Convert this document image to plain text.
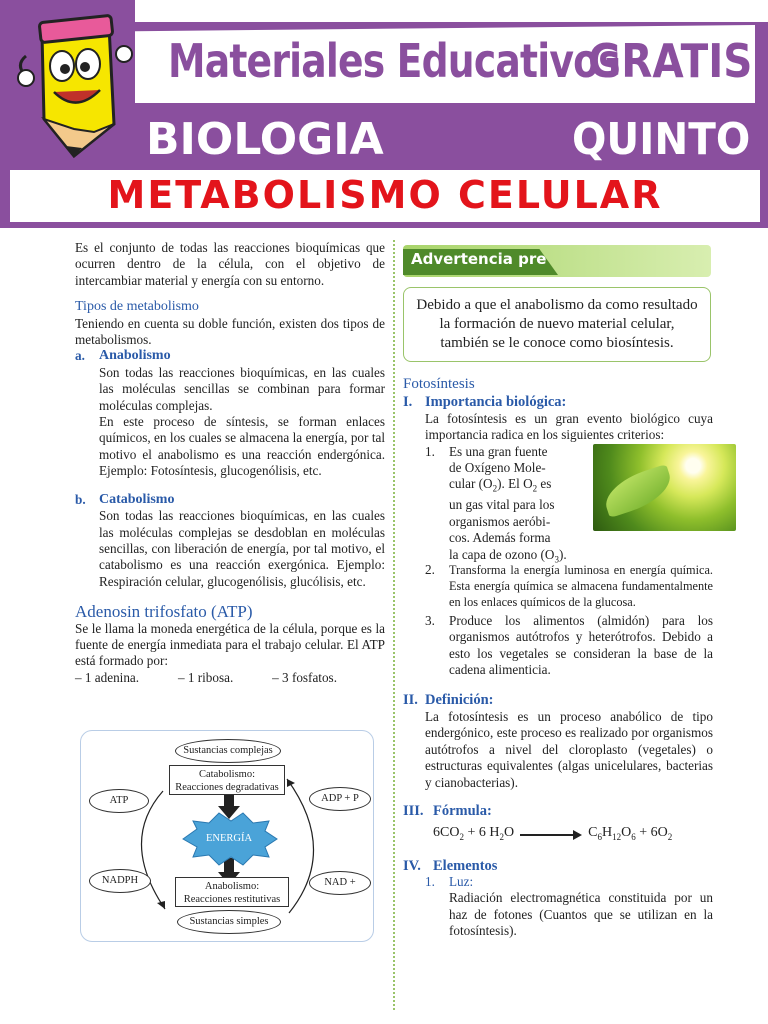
Materiales Educativos
GRATIS
BIOLOGIA	QUINTO
METABOLISMO CELULAR

Es el conjunto de todas las reacciones bioquímicas que ocurren dentro de la célula, con el objetivo de intercambiar material y energía con su entorno.

Tipos de metabolismo

Teniendo en cuenta su doble función, existen dos tipos de metabolismos.

a.	Anabolismo

Son todas las reacciones bioquímicas, en las cuales las moléculas sencillas se combinan para formar moléculas complejas.

En este proceso de síntesis, se forman enlaces químicos, en los cuales se almacena la energía, por tal motivo el anabolismo es una reacción endergónica. Ejemplo: Fotosíntesis, glucogenólisis, etc.

b. Catabolismo

Son todas las reacciones bioquímicas, en las cuales las moléculas complejas se desdoblan en moléculas sencillas, con liberación de energía, por tal motivo, el catabolismo es una reacción exergónica. Ejemplo: Respiración celular, glucogenólisis, glucólisis, etc.

Adenosin trifosfato (ATP)

Se le llama la moneda energética de la célula, porque es la fuente de energía inmediata para el trabajo celular. El ATP está formado por:

– 1 adenina.	– 1 ribosa.	– 3 fosfatos.
Sustancias complejas
Catabolismo:
Reacciones degradativas
ENERGÍA
Anabolismo:
Reacciones restitutivas
Sustancias simples
ATP	ADP + P
NADPH	NAD +
Advertencia pre
Debido a que el anabolismo da como resultado la formación de nuevo material celular, también se le conoce como biosíntesis.
Fotosíntesis
I. Importancia biológica:

La fotosíntesis es un gran evento biológico cuya importancia radica en los siguientes criterios:

1.	Es una gran fuente
de Oxígeno Mole-
cular $(O_2)$. El $O_2$ es
un gas vital para los
organismos aeróbi-
cos. Además forma
la capa de ozono $(O_3)$.
2.	Transforma la energía luminosa en energía química. Esta energía química se almacena fundamentalmente en los enlaces químicos de la glucosa.

3.	Produce los alimentos (almidón) para los organismos autótrofos y heterótrofos. Debido a esto los vegetales se consideran la base de la cadena alimenticia.

II. Definición:

La fotosíntesis es un proceso anabólico de tipo endergónico, este proceso es realizado por organismos autótrofos a nivel del cloroplasto (vegetales) o estructuras equivalentes (algas unicelulares, bacterias y cianobacterias).

III. Fórmula:
$6CO_2 + 6$ $H_2O$	$C_6H_{12}O_6 + 6O_2$
IV. Elementos
1.	Luz:

Radiación electromagnética constituida por un haz de fotones (Cuantos que se utilizan en la fotosíntesis).
